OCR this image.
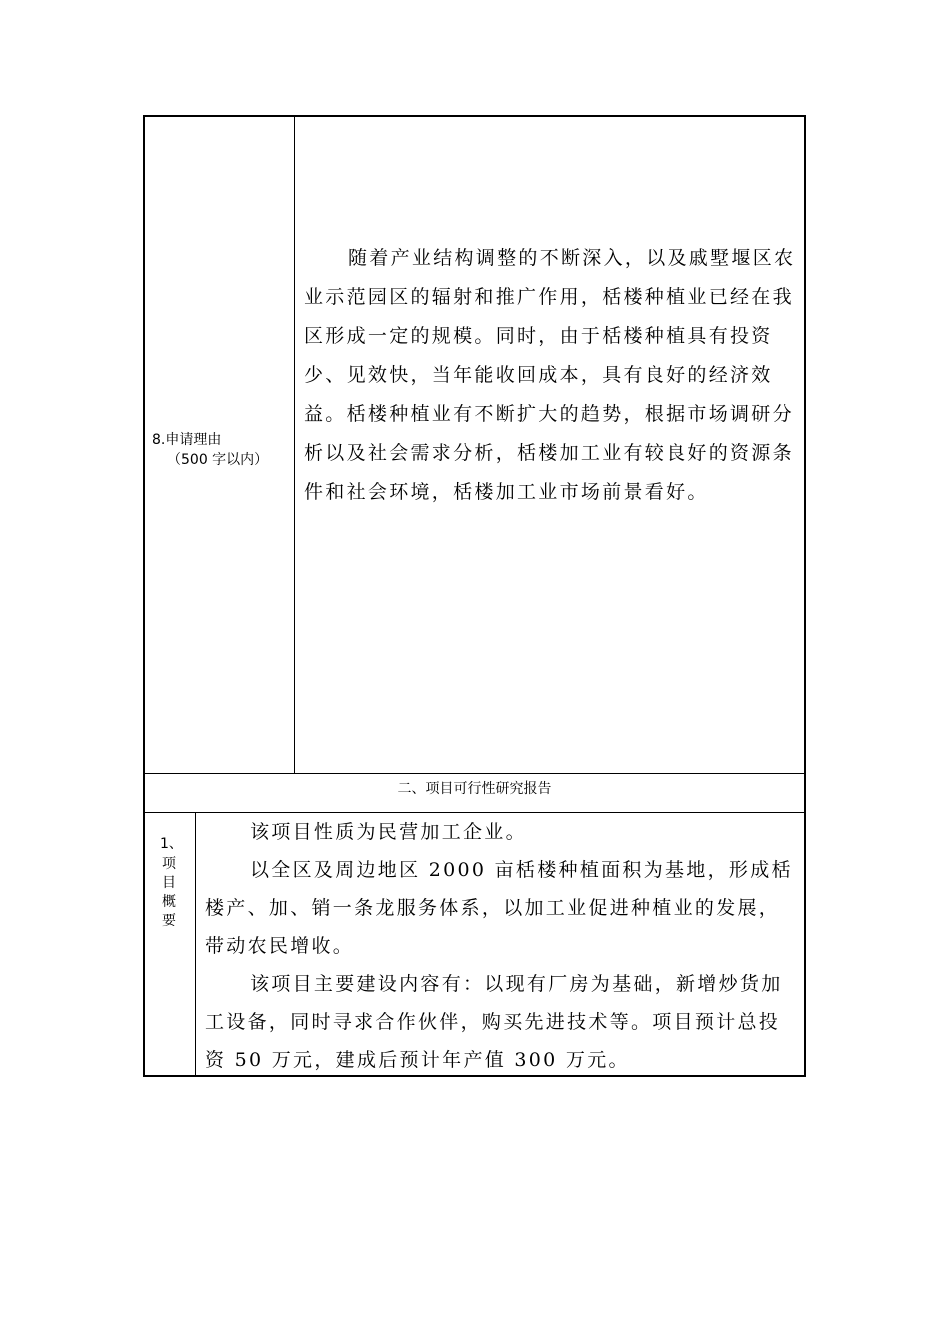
8.申请理由
（500 字以内）

随着产业结构调整的不断深入，以及戚墅堰区农业示范园区的辐射和推广作用，栝楼种植业已经在我区形成一定的规模。同时，由于栝楼种植具有投资少、见效快，当年能收回成本，具有良好的经济效益。栝楼种植业有不断扩大的趋势，根据市场调研分析以及社会需求分析，栝楼加工业有较良好的资源条件和社会环境，栝楼加工业市场前景看好。

二、项目可行性研究报告
1、
项目概要

该项目性质为民营加工企业。

以全区及周边地区 2000 亩栝楼种植面积为基地，形成栝楼产、加、销一条龙服务体系，以加工业促进种植业的发展，带动农民增收。

该项目主要建设内容有：以现有厂房为基础，新增炒货加工设备，同时寻求合作伙伴，购买先进技术等。项目预计总投资 50 万元，建成后预计年产值 300 万元。
